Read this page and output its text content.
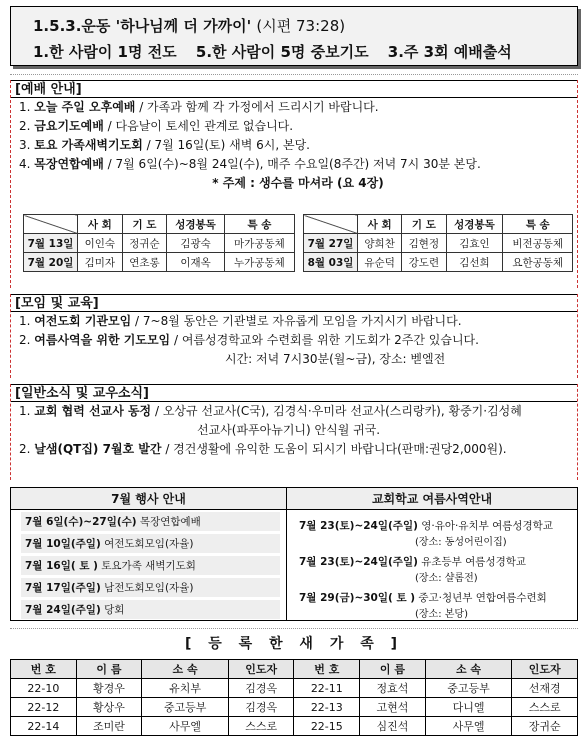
1.5.3.운동 '하나님께 더 가까이' (시편 73:28)
1.한 사람이 1명 전도 5.한 사람이 5명 중보기도 3.주 3회 예배출석
[예배 안내]
1. 오늘 주일 오후예배 / 가족과 함께 각 가정에서 드리시기 바랍니다.
2. 금요기도예배 / 다음날이 토세인 관계로 없습니다.
3. 토요 가족새벽기도회 / 7월 16일(토) 새벽 6시, 본당.
4. 목장연합예배 / 7월 6일(수)~8월 24일(수), 매주 수요일(8주간) 저녁 7시 30분 본당.
* 주제 : 생수를 마셔라 (요 4장)
	사 회	기 도	성경봉독	특 송
7월 13일	이인숙	정귀순	김광숙	마가공동체
7월 20일	김미자	연초롱	이재옥	누가공동체
	사 회	기 도	성경봉독	특 송
7월 27일	양희찬	김현정	김효인	비전공동체
8월 03일	유순덕	강도련	김선희	요한공동체
[모임 및 교육]
1. 여전도회 기관모임 / 7~8월 동안은 기관별로 자유롭게 모임을 가지시기 바랍니다.
2. 여름사역을 위한 기도모임 / 여름성경학교와 수련회를 위한 기도회가 2주간 있습니다.
시간: 저녁 7시30분(월~금), 장소: 벧엘전
[일반소식 및 교우소식]
1. 교회 협력 선교사 동정 / 오상규 선교사(C국), 김경식·우미라 선교사(스리랑카), 황중기·김성혜
선교사(파푸아뉴기니) 안식월 귀국.
2. 날샘(QT집) 7월호 발간 / 경건생활에 유익한 도움이 되시기 바랍니다(판매:권당2,000원).
7월 행사 안내
7월 6일(수)~27일(수) 목장연합예배
7월 10일(주일) 여전도회모임(자율)
7월 16일( 토 ) 토요가족 새벽기도회
7월 17일(주일) 남전도회모임(자율)
7월 24일(주일) 당회
교회학교 여름사역안내
7월 23(토)~24일(주일) 영·유아·유치부 여름성경학교
(장소: 동성어린이집)
7월 23(토)~24일(주일) 유초등부 여름성경학교
(장소: 샬롬전)
7월 29(금)~30일( 토 ) 중고·청년부 연합여름수련회
(장소: 본당)
[ 등 록 한 새 가 족 ]
번 호	이 름	소 속	인도자	번 호	이 름	소 속	인도자
22-10	황경우	유치부	김경옥	22-11	정효석	중고등부	선재경
22-12	황상우	중고등부	김경옥	22-13	고현석	다니엘	스스로
22-14	조미란	사무엘	스스로	22-15	심진석	사무엘	장귀순
